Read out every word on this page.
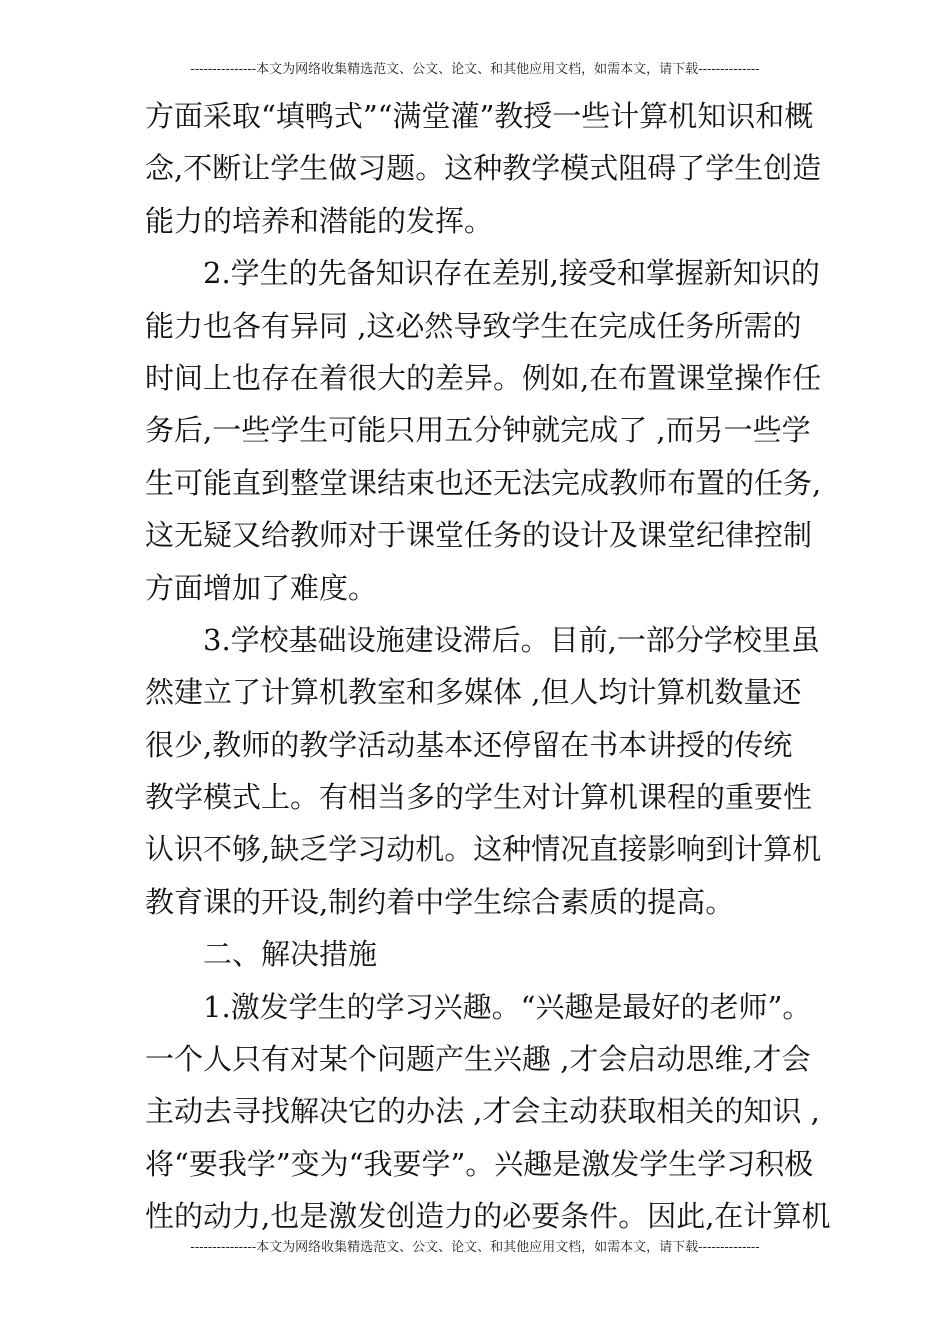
---------------本文为网络收集精选范文、公文、论文、和其他应用文档，如需本文，请下载--------------
方面采取“填鸭式”“满堂灌”教授一些计算机知识和概
念,不断让学生做习题。这种教学模式阻碍了学生创造
能力的培养和潜能的发挥。
2.学生的先备知识存在差别,接受和掌握新知识的
能力也各有异同 ,这必然导致学生在完成任务所需的
时间上也存在着很大的差异。例如,在布置课堂操作任
务后,一些学生可能只用五分钟就完成了 ,而另一些学
生可能直到整堂课结束也还无法完成教师布置的任务,
这无疑又给教师对于课堂任务的设计及课堂纪律控制
方面增加了难度。
3.学校基础设施建设滞后。目前,一部分学校里虽
然建立了计算机教室和多媒体 ,但人均计算机数量还
很少,教师的教学活动基本还停留在书本讲授的传统
教学模式上。有相当多的学生对计算机课程的重要性
认识不够,缺乏学习动机。这种情况直接影响到计算机
教育课的开设,制约着中学生综合素质的提高。
二、解决措施
1.激发学生的学习兴趣。“兴趣是最好的老师”。
一个人只有对某个问题产生兴趣 ,才会启动思维,才会
主动去寻找解决它的办法 ,才会主动获取相关的知识 ,
将“要我学”变为“我要学”。兴趣是激发学生学习积极
性的动力,也是激发创造力的必要条件。因此,在计算机
---------------本文为网络收集精选范文、公文、论文、和其他应用文档，如需本文，请下载--------------
